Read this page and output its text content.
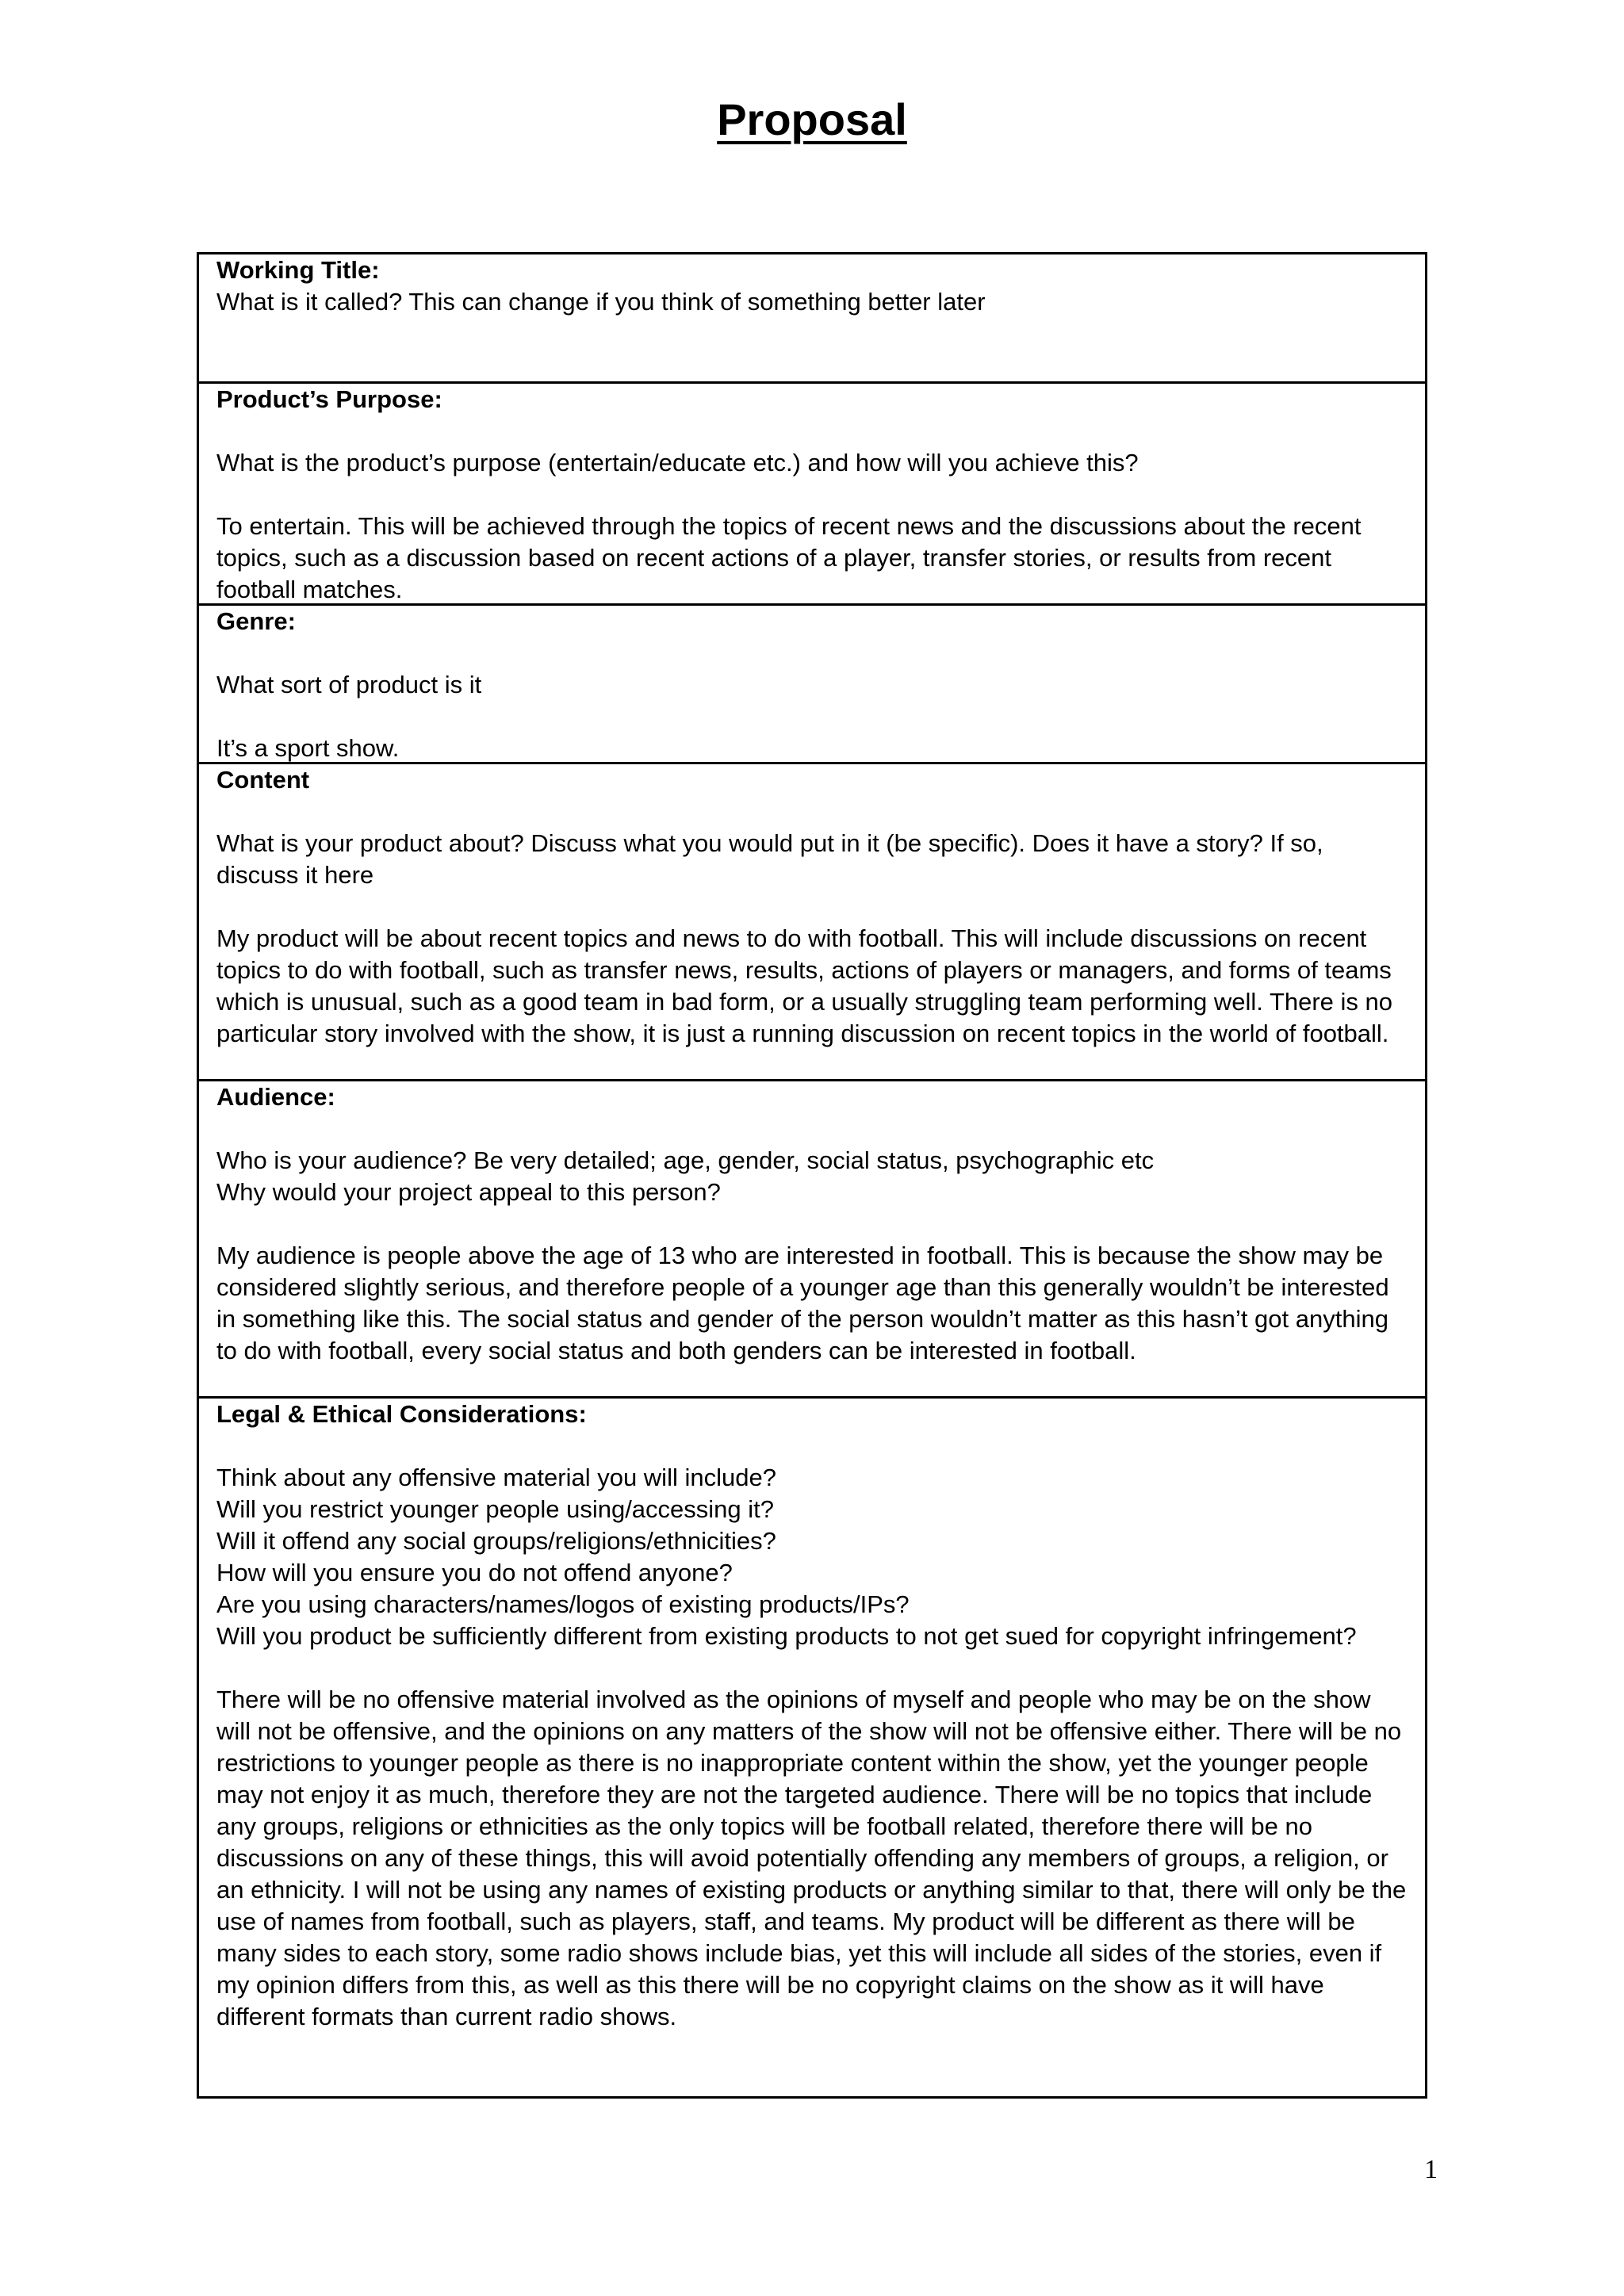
Proposal

Working Title:

What is it called? This can change if you think of something better later

Product’s Purpose:

What is the product’s purpose (entertain/educate etc.) and how will you achieve this?

To entertain. This will be achieved through the topics of recent news and the discussions about the recent topics, such as a discussion based on recent actions of a player, transfer stories, or results from recent football matches.

Genre:

What sort of product is it

It’s a sport show.

Content

What is your product about? Discuss what you would put in it (be specific). Does it have a story? If so, discuss it here

My product will be about recent topics and news to do with football. This will include discussions on recent topics to do with football, such as transfer news, results, actions of players or managers, and forms of teams which is unusual, such as a good team in bad form, or a usually struggling team performing well. There is no particular story involved with the show, it is just a running discussion on recent topics in the world of football.

Audience:

Who is your audience? Be very detailed; age, gender, social status, psychographic etc

Why would your project appeal to this person?

My audience is people above the age of 13 who are interested in football. This is because the show may be considered slightly serious, and therefore people of a younger age than this generally wouldn’t be interested in something like this. The social status and gender of the person wouldn’t matter as this hasn’t got anything to do with football, every social status and both genders can be interested in football.

Legal & Ethical Considerations:

Think about any offensive material you will include?

Will you restrict younger people using/accessing it?

Will it offend any social groups/religions/ethnicities?

How will you ensure you do not offend anyone?

Are you using characters/names/logos of existing products/IPs?

Will you product be sufficiently different from existing products to not get sued for copyright infringement?

There will be no offensive material involved as the opinions of myself and people who may be on the show will not be offensive, and the opinions on any matters of the show will not be offensive either. There will be no restrictions to younger people as there is no inappropriate content within the show, yet the younger people may not enjoy it as much, therefore they are not the targeted audience. There will be no topics that include any groups, religions or ethnicities as the only topics will be football related, therefore there will be no discussions on any of these things, this will avoid potentially offending any members of groups, a religion, or an ethnicity. I will not be using any names of existing products or anything similar to that, there will only be the use of names from football, such as players, staff, and teams. My product will be different as there will be many sides to each story, some radio shows include bias, yet this will include all sides of the stories, even if my opinion differs from this, as well as this there will be no copyright claims on the show as it will have different formats than current radio shows.

1
